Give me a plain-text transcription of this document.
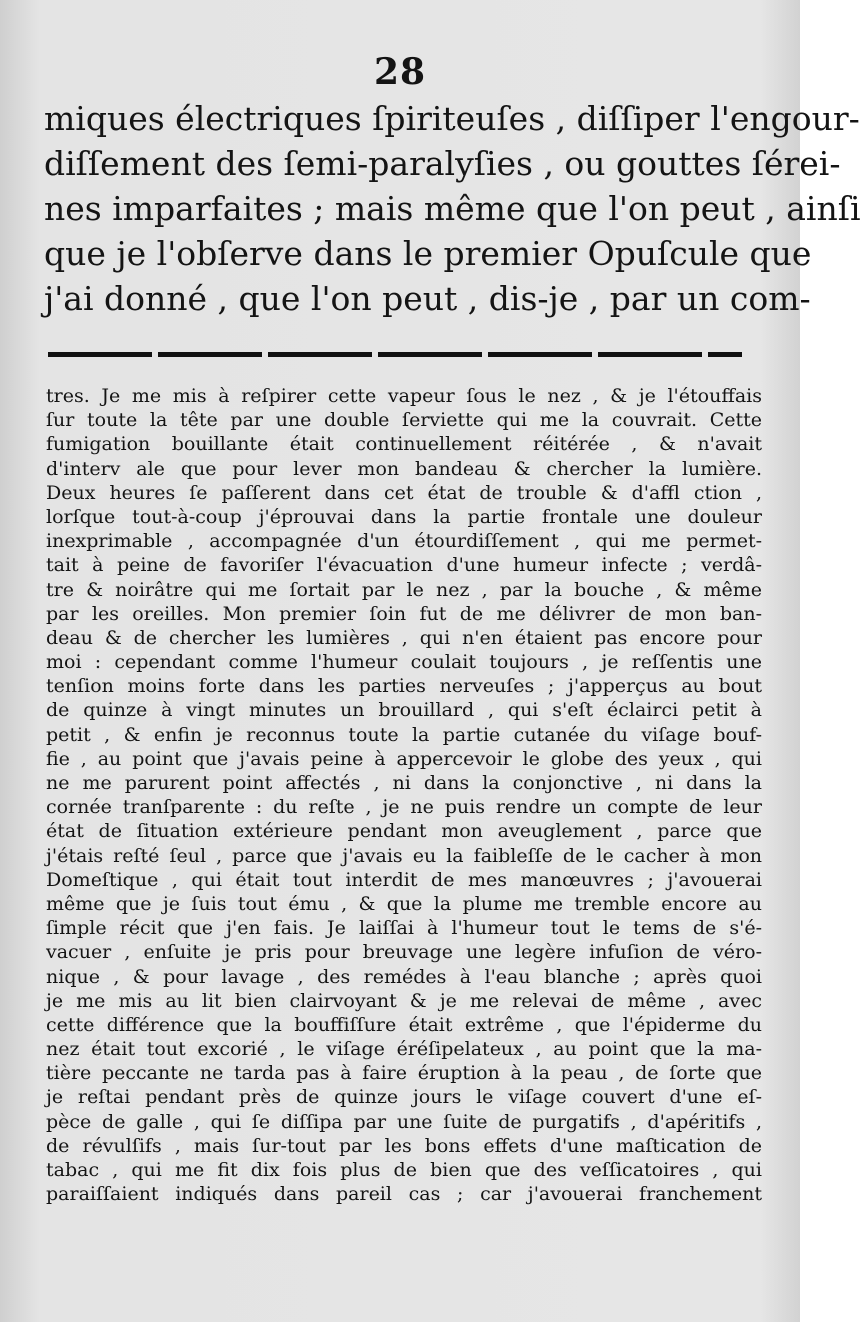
28
miques électriques ſpiriteuſes , diſſiper l'engour-
diſſement des ſemi-paralyſies , ou gouttes ſérei-
nes imparfaites ; mais même que l'on peut , ainſi
que je l'obſerve dans le premier Opuſcule que
j'ai donné , que l'on peut , dis-je , par un com-
tres. Je me mis à reſpirer cette vapeur ſous le nez , & je l'étouffais
ſur toute la tête par une double ſerviette qui me la couvrait. Cette
fumigation bouillante était continuellement réitérée , & n'avait
d'interv ale que pour lever mon bandeau & chercher la lumière.
Deux heures ſe paſſerent dans cet état de trouble & d'affl ction ,
lorſque tout-à-coup j'éprouvai dans la partie frontale une douleur
inexprimable , accompagnée d'un étourdiſſement , qui me permet-
tait à peine de favoriſer l'évacuation d'une humeur infecte ; verdâ-
tre & noirâtre qui me ſortait par le nez , par la bouche , & même
par les oreilles. Mon premier ſoin fut de me délivrer de mon ban-
deau & de chercher les lumières , qui n'en étaient pas encore pour
moi : cependant comme l'humeur coulait toujours , je reſſentis une
tenſion moins forte dans les parties nerveuſes ; j'apperçus au bout
de quinze à vingt minutes un brouillard , qui s'eſt éclairci petit à
petit , & enfin je reconnus toute la partie cutanée du viſage bouf-
fie , au point que j'avais peine à appercevoir le globe des yeux , qui
ne me parurent point affectés , ni dans la conjonctive , ni dans la
cornée tranſparente : du reſte , je ne puis rendre un compte de leur
état de ſituation extérieure pendant mon aveuglement , parce que
j'étais reſté ſeul , parce que j'avais eu la faibleſſe de le cacher à mon
Domeſtique , qui était tout interdit de mes manœuvres ; j'avouerai
même que je ſuis tout ému , & que la plume me tremble encore au
ſimple récit que j'en fais. Je laiſſai à l'humeur tout le tems de s'é-
vacuer , enſuite je pris pour breuvage une legère infuſion de véro-
nique , & pour lavage , des remédes à l'eau blanche ; après quoi
je me mis au lit bien clairvoyant & je me relevai de même , avec
cette différence que la bouffiſſure était extrême , que l'épiderme du
nez était tout excorié , le viſage éréſipelateux , au point que la ma-
tière peccante ne tarda pas à faire éruption à la peau , de ſorte que
je reſtai pendant près de quinze jours le viſage couvert d'une eſ-
pèce de galle , qui ſe diſſipa par une ſuite de purgatifs , d'apéritifs ,
de révulſifs , mais ſur-tout par les bons effets d'une maſtication de
tabac , qui me fit dix fois plus de bien que des veſſicatoires , qui
paraiſſaient indiqués dans pareil cas ; car j'avouerai franchement
